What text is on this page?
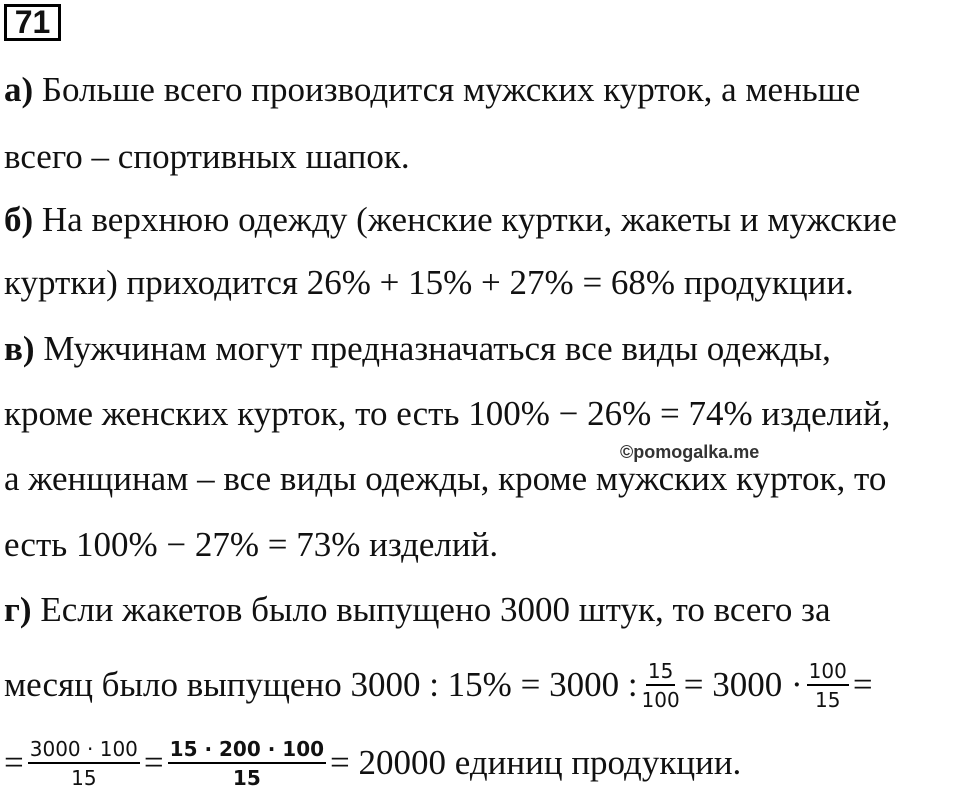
71
а) Больше всего производится мужских курток, а меньше
всего – спортивных шапок.
б) На верхнюю одежду (женские куртки, жакеты и мужские
куртки) приходится 26% + 15% + 27% = 68% продукции.
в) Мужчинам могут предназначаться все виды одежды,
кроме женских курток, то есть 100% − 26% = 74% изделий,
а женщинам – все виды одежды, кроме мужских курток, то
есть 100% − 27% = 73% изделий.
©pomogalka.me
г) Если жакетов было выпущено 3000 штук, то всего за
месяц было выпущено 3000 : 15% = 3000 : $\frac{15}{100} = 3000 \cdot \frac{100}{15}$ =
= $\frac{3000 \cdot 100}{15} = \frac{15 \cdot 200 \cdot 100}{15} = 20000$ единиц продукции.
